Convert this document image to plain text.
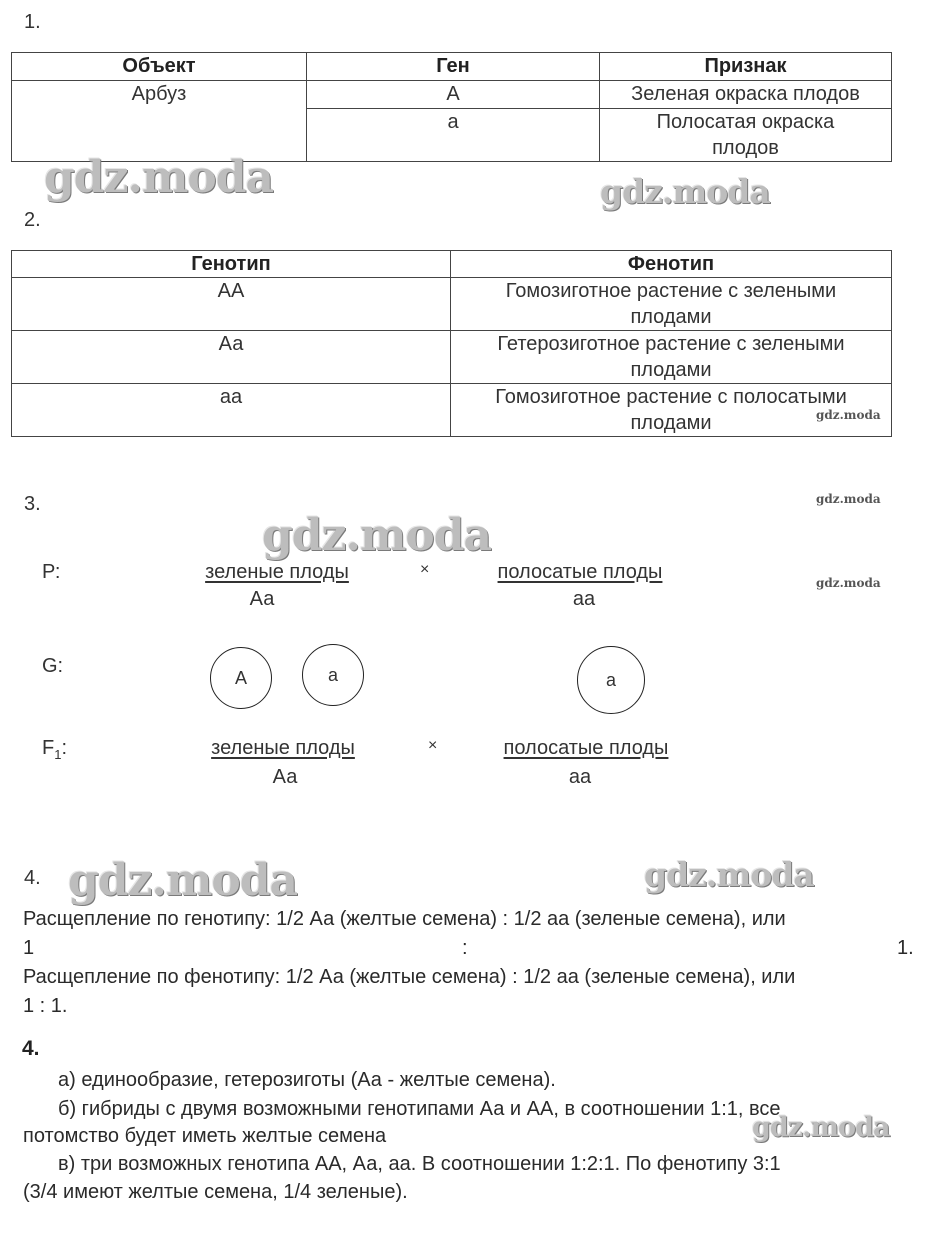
1.
Объект	Ген	Признак
Арбуз	А	Зеленая окраска плодов
	а	Полосатая окраска
плодов
gdz.moda	gdz.moda
2.
Генотип	Фенотип
АА	Гомозиготное растение с зелеными
плодами
Аа	Гетерозиготное растение с зелеными
плодами
аа	Гомозиготное растение с полосатыми
плодами	gdz.moda
3.	gdz.moda
gdz.moda
gdz.moda
Р:	зеленые плоды
Аа
×	полосатые плоды
аа
G:
А	а	а
$F_1$:	зеленые плоды
Аа
×	полосатые плоды
аа
4. gdz.moda	gdz.moda
Расщепление по генотипу: 1/2 Аа (желтые семена) : 1/2 аа (зеленые семена), или
1	:	1.
Расщепление по фенотипу: 1/2 Аа (желтые семена) : 1/2 аа (зеленые семена), или
1 : 1.
4.
а) единообразие, гетерозиготы (Аа - желтые семена).
б) гибриды с двумя возможными генотипами Аа и АА, в соотношении 1:1, все
потомство будет иметь желтые семена	gdz.moda
в) три возможных генотипа АА, Аа, аа. В соотношении 1:2:1. По фенотипу 3:1
(3/4 имеют желтые семена, 1/4 зеленые).
